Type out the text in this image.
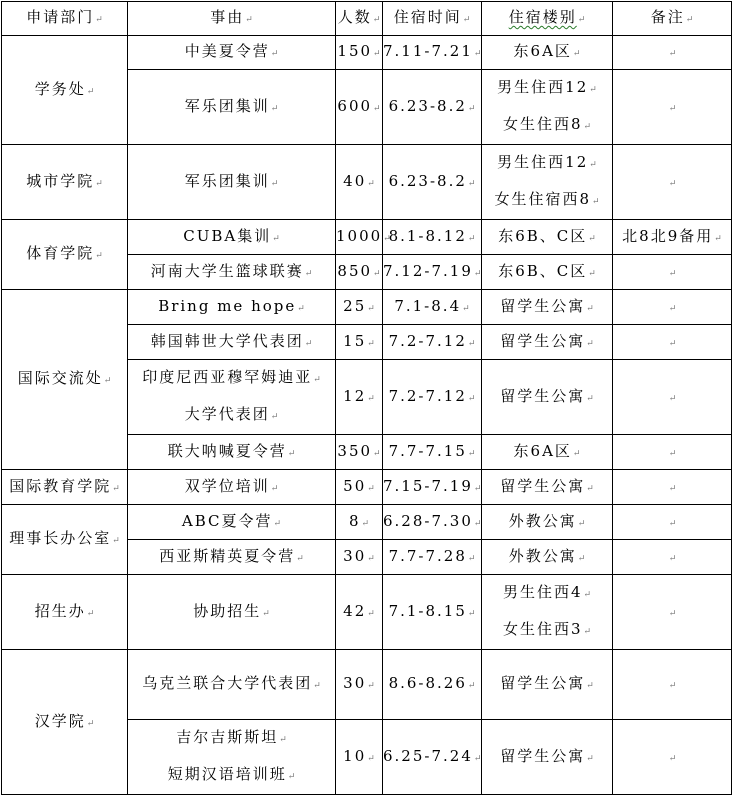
申请部门↵	事由↵	人数↵	住宿时间↵	住宿楼别↵	备注↵
学务处↵	中美夏令营↵	150↵	7.11-7.21↵	东6A区↵	↵

	军乐团集训↵	600↵	6.23-8.2↵	男生住西12↵
女生住西8↵	↵
城市学院↵	军乐团集训↵	40↵	6.23-8.2↵	男生住西12↵
女生住宿西8↵	↵
体育学院↵	CUBA集训↵	1000↵	8.1-8.12↵	东6B、C区↵	北8北9备用↵

	河南大学生篮球联赛↵	850↵	7.12-7.19↵	东6B、C区↵	↵
国际交流处↵	Bring me hope↵	25↵	7.1-8.4↵	留学生公寓↵	↵

	韩国韩世大学代表团↵	15↵	7.2-7.12↵	留学生公寓↵	↵

	印度尼西亚穆罕姆迪亚↵
大学代表团↵	12↵	7.2-7.12↵	留学生公寓↵	↵

	联大呐喊夏令营↵	350↵	7.7-7.15↵	东6A区↵	↵
国际教育学院↵	双学位培训↵	50↵	7.15-7.19↵	留学生公寓↵	↵
理事长办公室↵	ABC夏令营↵	8↵	6.28-7.30↵	外教公寓↵	↵

	西亚斯精英夏令营↵	30↵	7.7-7.28↵	外教公寓↵	↵
招生办↵	协助招生↵	42↵	7.1-8.15↵	男生住西4↵
女生住西3↵	↵
汉学院↵	乌克兰联合大学代表团↵	30↵	8.6-8.26↵	留学生公寓↵	↵

	吉尔吉斯斯坦↵
短期汉语培训班↵	10↵	6.25-7.24↵	留学生公寓↵	↵
